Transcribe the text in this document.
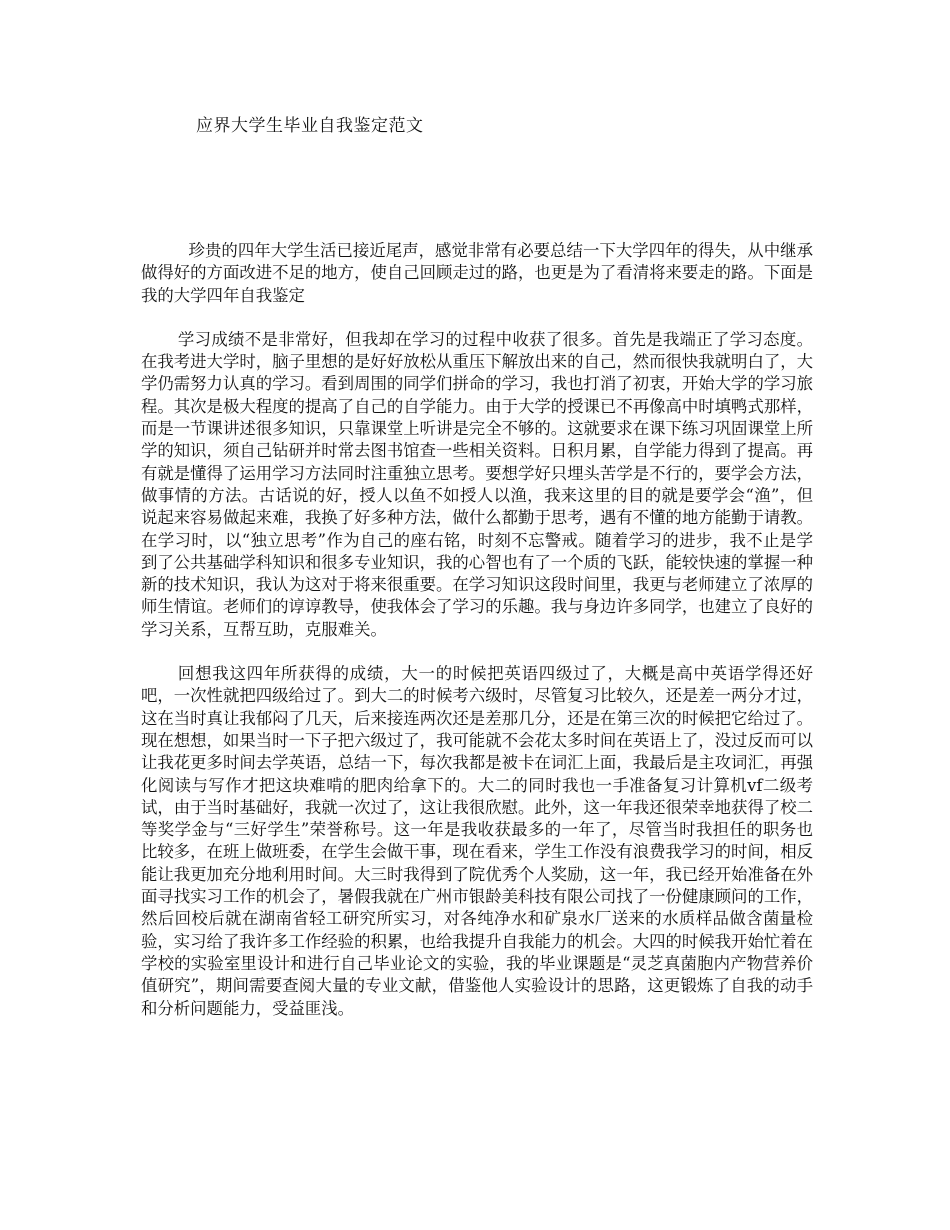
应界大学生毕业自我鉴定范文

珍贵的四年大学生活已接近尾声，感觉非常有必要总结一下大学四年的得失，从中继承做得好的方面改进不足的地方，使自己回顾走过的路，也更是为了看清将来要走的路。下面是我的大学四年自我鉴定

学习成绩不是非常好，但我却在学习的过程中收获了很多。首先是我端正了学习态度。在我考进大学时，脑子里想的是好好放松从重压下解放出来的自己，然而很快我就明白了，大学仍需努力认真的学习。看到周围的同学们拼命的学习，我也打消了初衷，开始大学的学习旅程。其次是极大程度的提高了自己的自学能力。由于大学的授课已不再像高中时填鸭式那样，而是一节课讲述很多知识，只靠课堂上听讲是完全不够的。这就要求在课下练习巩固课堂上所学的知识，须自己钻研并时常去图书馆查一些相关资料。日积月累，自学能力得到了提高。再有就是懂得了运用学习方法同时注重独立思考。要想学好只埋头苦学是不行的，要学会方法，做事情的方法。古话说的好，授人以鱼不如授人以渔，我来这里的目的就是要学会“渔”，但说起来容易做起来难，我换了好多种方法，做什么都勤于思考，遇有不懂的地方能勤于请教。在学习时，以“独立思考”作为自己的座右铭，时刻不忘警戒。随着学习的进步，我不止是学到了公共基础学科知识和很多专业知识，我的心智也有了一个质的飞跃，能较快速的掌握一种新的技术知识，我认为这对于将来很重要。在学习知识这段时间里，我更与老师建立了浓厚的师生情谊。老师们的谆谆教导，使我体会了学习的乐趣。我与身边许多同学，也建立了良好的学习关系，互帮互助，克服难关。

回想我这四年所获得的成绩，大一的时候把英语四级过了，大概是高中英语学得还好吧，一次性就把四级给过了。到大二的时候考六级时，尽管复习比较久，还是差一两分才过，这在当时真让我郁闷了几天，后来接连两次还是差那几分，还是在第三次的时候把它给过了。现在想想，如果当时一下子把六级过了，我可能就不会花太多时间在英语上了，没过反而可以让我花更多时间去学英语，总结一下，每次我都是被卡在词汇上面，我最后是主攻词汇，再强化阅读与写作才把这块难啃的肥肉给拿下的。大二的同时我也一手准备复习计算机vf二级考试，由于当时基础好，我就一次过了，这让我很欣慰。此外，这一年我还很荣幸地获得了校二等奖学金与“三好学生”荣誉称号。这一年是我收获最多的一年了，尽管当时我担任的职务也比较多，在班上做班委，在学生会做干事，现在看来，学生工作没有浪费我学习的时间，相反能让我更加充分地利用时间。大三时我得到了院优秀个人奖励，这一年，我已经开始准备在外面寻找实习工作的机会了，暑假我就在广州市银龄美科技有限公司找了一份健康顾问的工作，然后回校后就在湖南省轻工研究所实习，对各纯净水和矿泉水厂送来的水质样品做含菌量检验，实习给了我许多工作经验的积累，也给我提升自我能力的机会。大四的时候我开始忙着在学校的实验室里设计和进行自己毕业论文的实验，我的毕业课题是“灵芝真菌胞内产物营养价值研究”，期间需要查阅大量的专业文献，借鉴他人实验设计的思路，这更锻炼了自我的动手和分析问题能力，受益匪浅。
